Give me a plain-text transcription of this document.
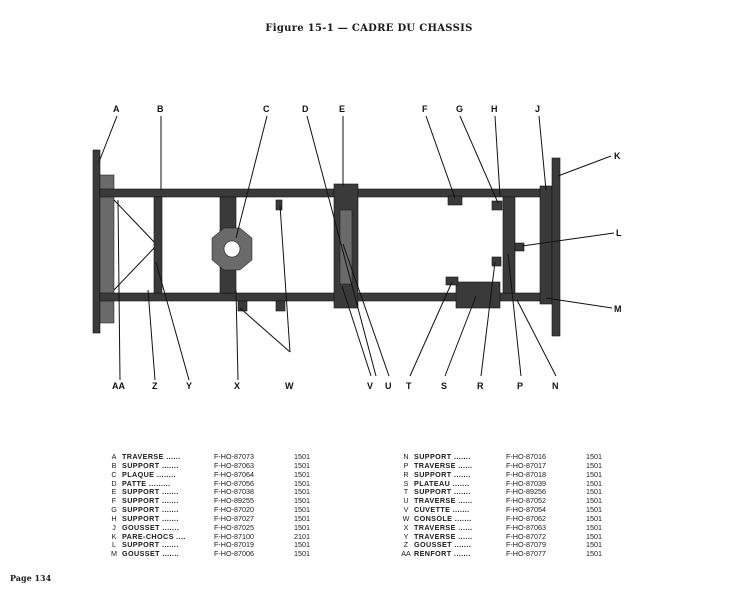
Figure 15-1 — CADRE DU CHASSIS
A	B	C	D	E	F	G	H	J
K
L
M
AA	Z	Y	X	W	V U T	S	R	P	N
A TRAVERSE ......	F-HO-87073	1501
B SUPPORT .......	F-HO-87063	1501
C PLAQUE ........	F-HO-87064	1501
D PATTE .........	F-HO-87056	1501
E SUPPORT .......	F-HO-87038	1501
F SUPPORT .......	F-HO-89255	1501
G SUPPORT .......	F-HO-87020	1501
H SUPPORT .......	F-HO-87027	1501
J GOUSSET .......	F-HO-87025	1501
K PARE-CHOCS ....	F-HO-87100	2101
L SUPPORT .......	F-HO-87019	1501
M GOUSSET .......	F-HO-87006	1501
N SUPPORT .......	F-HO-87016	1501
P TRAVERSE ......	F-HO-87017	1501
R SUPPORT .......	F-HO-87018	1501
S PLATEAU .......	F-HO-87039	1501
T SUPPORT .......	F-HO-89256	1501
U TRAVERSE ......	F-HO-87052	1501
V CUVETTE .......	F-HO-87054	1501
W CONSOLE .......	F-HO-87062	1501
X TRAVERSE ......	F-HO-87063	1501
Y TRAVERSE ......	F-HO-87072	1501
Z GOUSSET .......	F-HO-87079	1501
AA RENFORT .......	F-HO-87077	1501
Page 134
